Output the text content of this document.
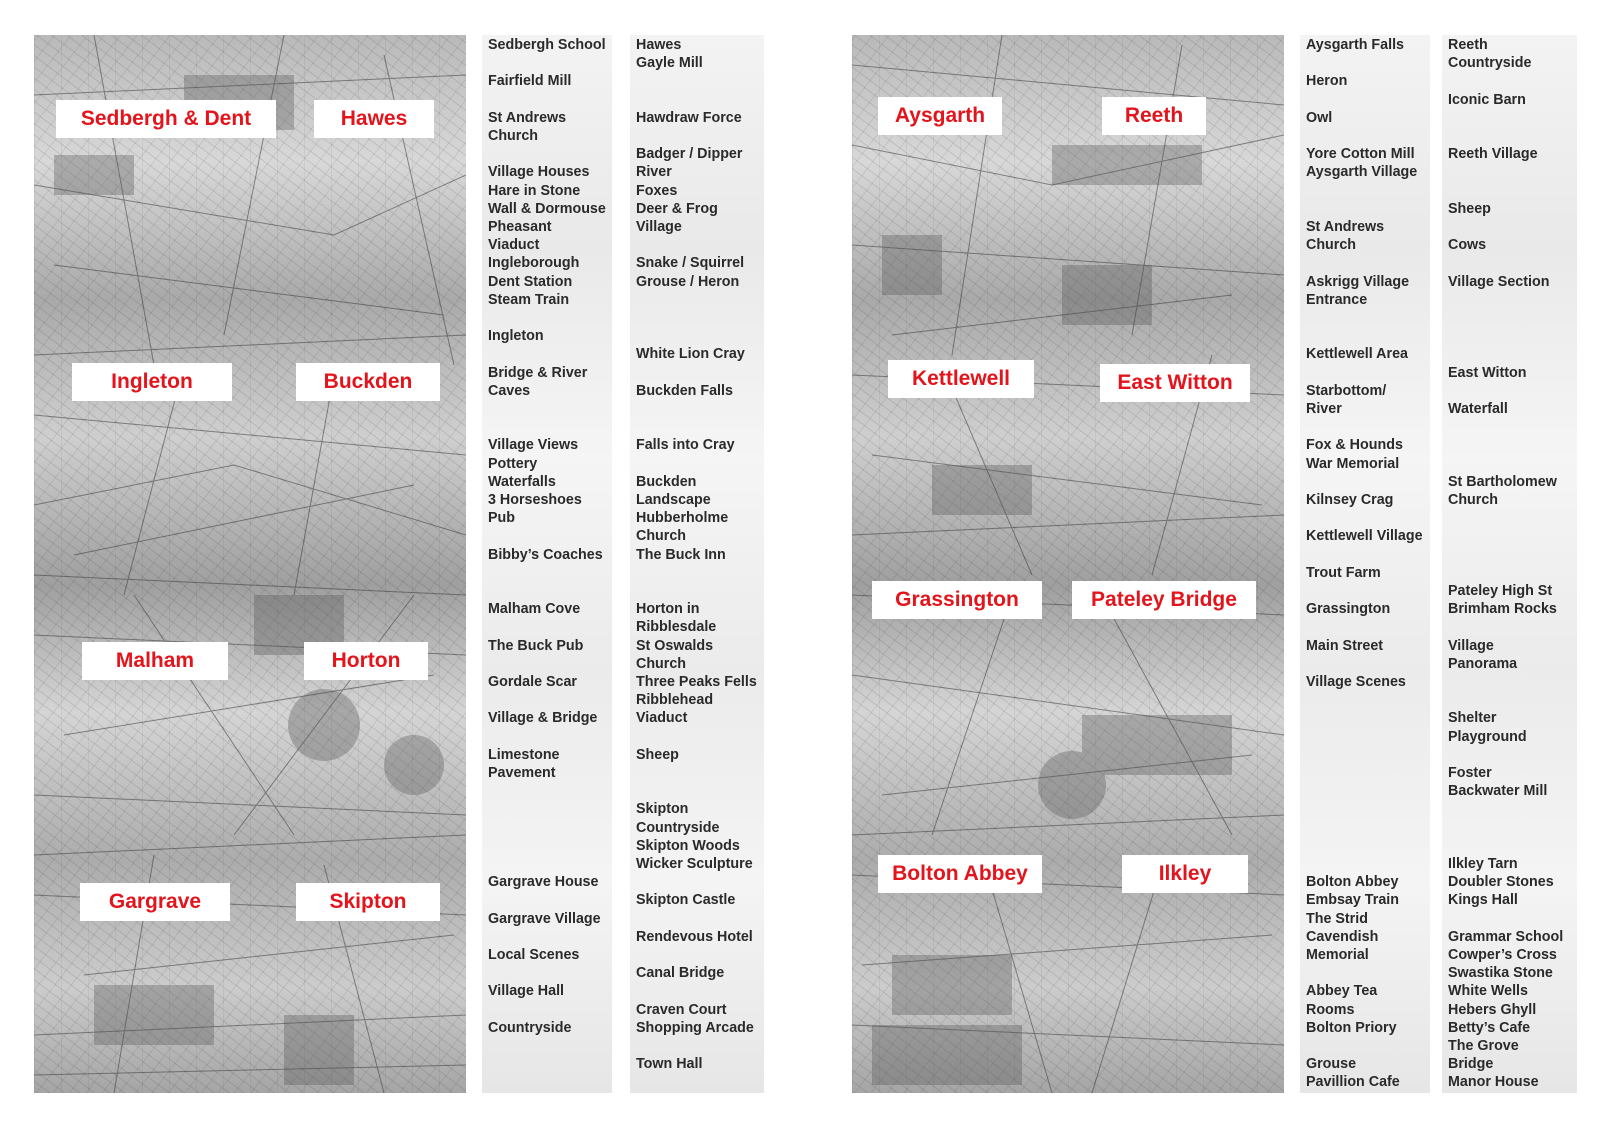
Sedbergh & Dent	Hawes
Ingleton	Buckden
Malham	Horton
Gargrave	Skipton
Sedbergh School
Fairfield Mill
St Andrews
Church
Village Houses
Hare in Stone
Wall & Dormouse
Pheasant
Viaduct
Ingleborough
Dent Station
Steam Train
Ingleton
Bridge & River
Caves
Village Views
Pottery
Waterfalls
3 Horseshoes
Pub
Bibby’s Coaches
Malham Cove
The Buck Pub
Gordale Scar
Village & Bridge
Limestone
Pavement
Gargrave House
Gargrave Village
Local Scenes
Village Hall
Countryside
Hawes
Gayle Mill
Hawdraw Force
Badger / Dipper
River
Foxes
Deer & Frog
Village
Snake / Squirrel
Grouse / Heron
White Lion Cray
Buckden Falls
Falls into Cray
Buckden
Landscape
Hubberholme
Church
The Buck Inn
Horton in
Ribblesdale
St Oswalds
Church
Three Peaks Fells
Ribblehead
Viaduct
Sheep
Skipton
Countryside
Skipton Woods
Wicker Sculpture
Skipton Castle
Rendevous Hotel
Canal Bridge
Craven Court
Shopping Arcade
Town Hall
Aysgarth	Reeth
Kettlewell	East Witton
Grassington	Pateley Bridge
Bolton Abbey	Ilkley
Aysgarth Falls
Heron
Owl
Yore Cotton Mill
Aysgarth Village
St Andrews
Church
Askrigg Village
Entrance
Kettlewell Area
Starbottom/
River
Fox & Hounds
War Memorial
Kilnsey Crag
Kettlewell Village
Trout Farm
Grassington
Main Street
Village Scenes
Bolton Abbey
Embsay Train
The Strid
Cavendish
Memorial
Abbey Tea
Rooms
Bolton Priory
Grouse
Pavillion Cafe
Reeth
Countryside
Iconic Barn
Reeth Village
Sheep
Cows
Village Section
East Witton
Waterfall
St Bartholomew
Church
Pateley High St
Brimham Rocks
Village
Panorama
Shelter
Playground
Foster
Backwater Mill
Ilkley Tarn
Doubler Stones
Kings Hall
Grammar School
Cowper’s Cross
Swastika Stone
White Wells
Hebers Ghyll
Betty’s Cafe
The Grove
Bridge
Manor House
